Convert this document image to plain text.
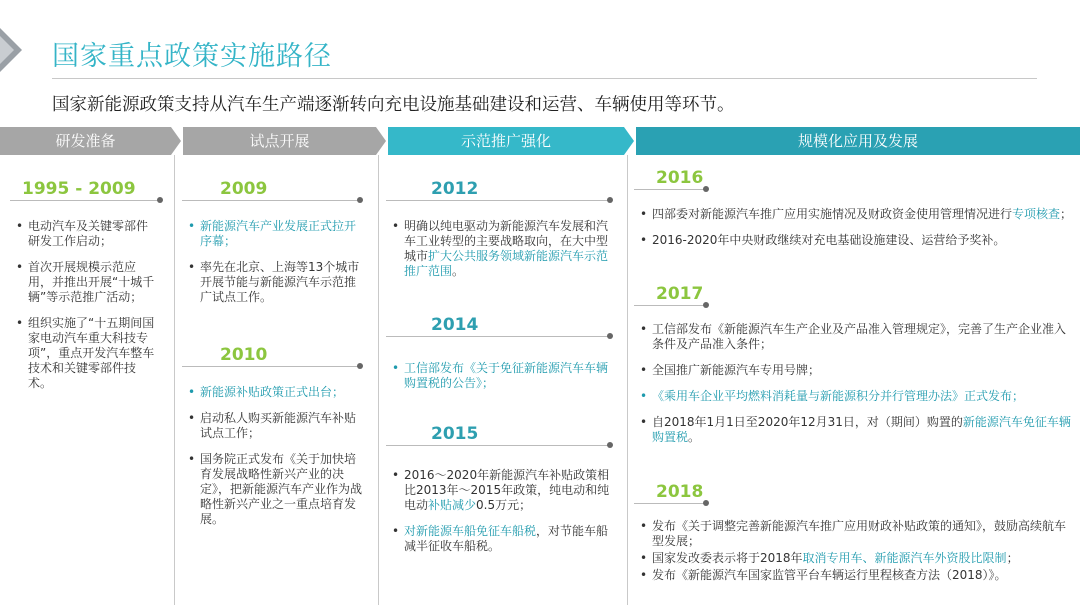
国家重点政策实施路径
国家新能源政策支持从汽车生产端逐渐转向充电设施基础建设和运营、车辆使用等环节。
研发准备	试点开展	示范推广强化	规模化应用及发展
1995 - 2009
• 电动汽车及关键零部件研发工作启动；
• 首次开展规模示范应用，并推出开展“十城千辆”等示范推广活动；
• 组织实施了“十五期间国家电动汽车重大科技专项”，重点开发汽车整车技术和关键零部件技术。
2009
• 新能源汽车产业发展正式拉开序幕；
• 率先在北京、上海等13个城市开展节能与新能源汽车示范推广试点工作。
2010
• 新能源补贴政策正式出台；
• 启动私人购买新能源汽车补贴试点工作；
• 国务院正式发布《关于加快培育发展战略性新兴产业的决定》，把新能源汽车产业作为战略性新兴产业之一重点培育发展。
2012
• 明确以纯电驱动为新能源汽车发展和汽车工业转型的主要战略取向，在大中型城市扩大公共服务领域新能源汽车示范推广范围。
2014
• 工信部发布《关于免征新能源汽车车辆购置税的公告》；
2015
• 2016～2020年新能源汽车补贴政策相比2013年～2015年政策，纯电动和纯电动补贴减少0.5万元；
• 对新能源车船免征车船税，对节能车船减半征收车船税。
2016
• 四部委对新能源汽车推广应用实施情况及财政资金使用管理情况进行专项核查；
• 2016-2020年中央财政继续对充电基础设施建设、运营给予奖补。
2017
• 工信部发布《新能源汽车生产企业及产品准入管理规定》，完善了生产企业准入条件及产品准入条件；
• 全国推广新能源汽车专用号牌；
• 《乘用车企业平均燃料消耗量与新能源积分并行管理办法》正式发布；
• 自2018年1月1日至2020年12月31日，对（期间）购置的新能源汽车免征车辆购置税。
2018
• 发布《关于调整完善新能源汽车推广应用财政补贴政策的通知》，鼓励高续航车型发展；
• 国家发改委表示将于2018年取消专用车、新能源汽车外资股比限制；
• 发布《新能源汽车国家监管平台车辆运行里程核查方法（2018）》。
